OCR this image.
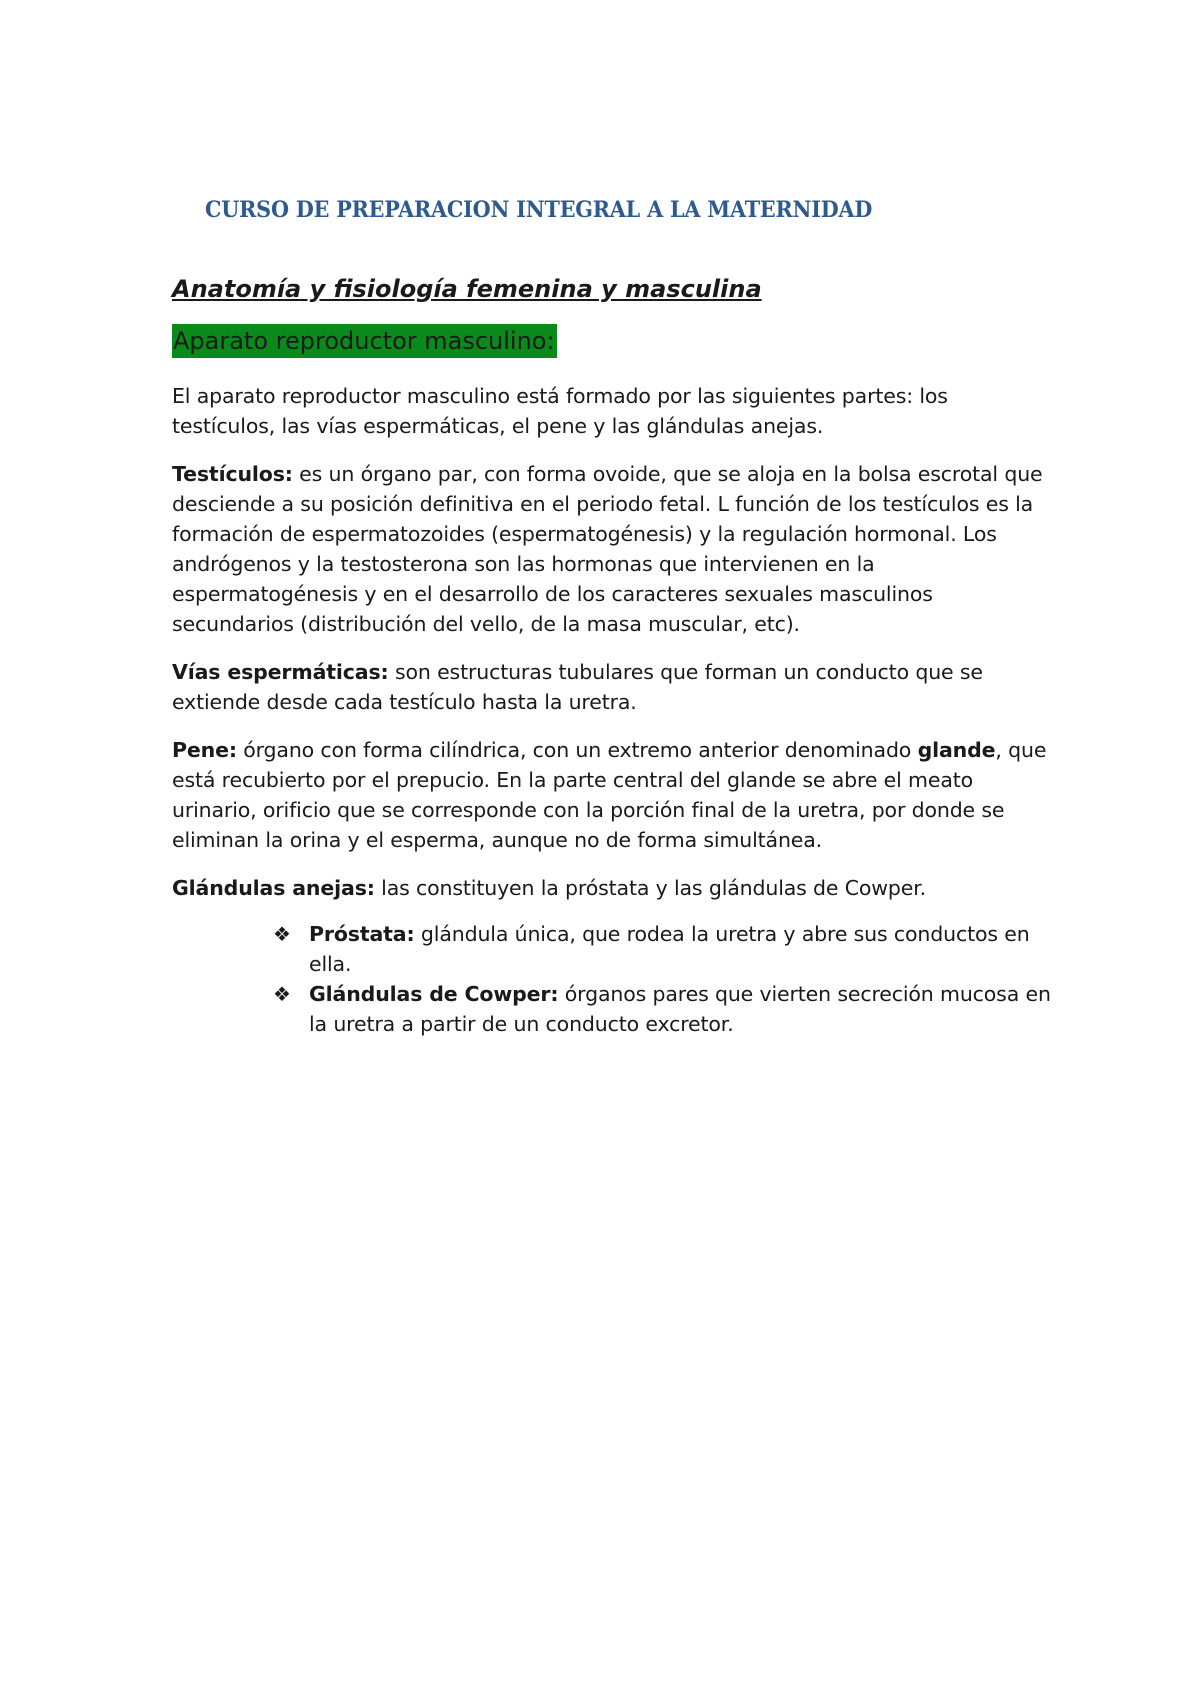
CURSO DE PREPARACION INTEGRAL A LA MATERNIDAD
Anatomía y fisiología femenina y masculina
Aparato reproductor masculino:

El aparato reproductor masculino está formado por las siguientes partes: los testículos, las vías espermáticas, el pene y las glándulas anejas.

Testículos: es un órgano par, con forma ovoide, que se aloja en la bolsa escrotal que desciende a su posición definitiva en el periodo fetal. L función de los testículos es la formación de espermatozoides (espermatogénesis) y la regulación hormonal. Los andrógenos y la testosterona son las hormonas que intervienen en la espermatogénesis y en el desarrollo de los caracteres sexuales masculinos secundarios (distribución del vello, de la masa muscular, etc).

Vías espermáticas: son estructuras tubulares que forman un conducto que se extiende desde cada testículo hasta la uretra.

Pene: órgano con forma cilíndrica, con un extremo anterior denominado glande, que está recubierto por el prepucio. En la parte central del glande se abre el meato urinario, orificio que se corresponde con la porción final de la uretra, por donde se eliminan la orina y el esperma, aunque no de forma simultánea.

Glándulas anejas: las constituyen la próstata y las glándulas de Cowper.

❖ Próstata: glándula única, que rodea la uretra y abre sus conductos en ella.
❖ Glándulas de Cowper: órganos pares que vierten secreción mucosa en la uretra a partir de un conducto excretor.
